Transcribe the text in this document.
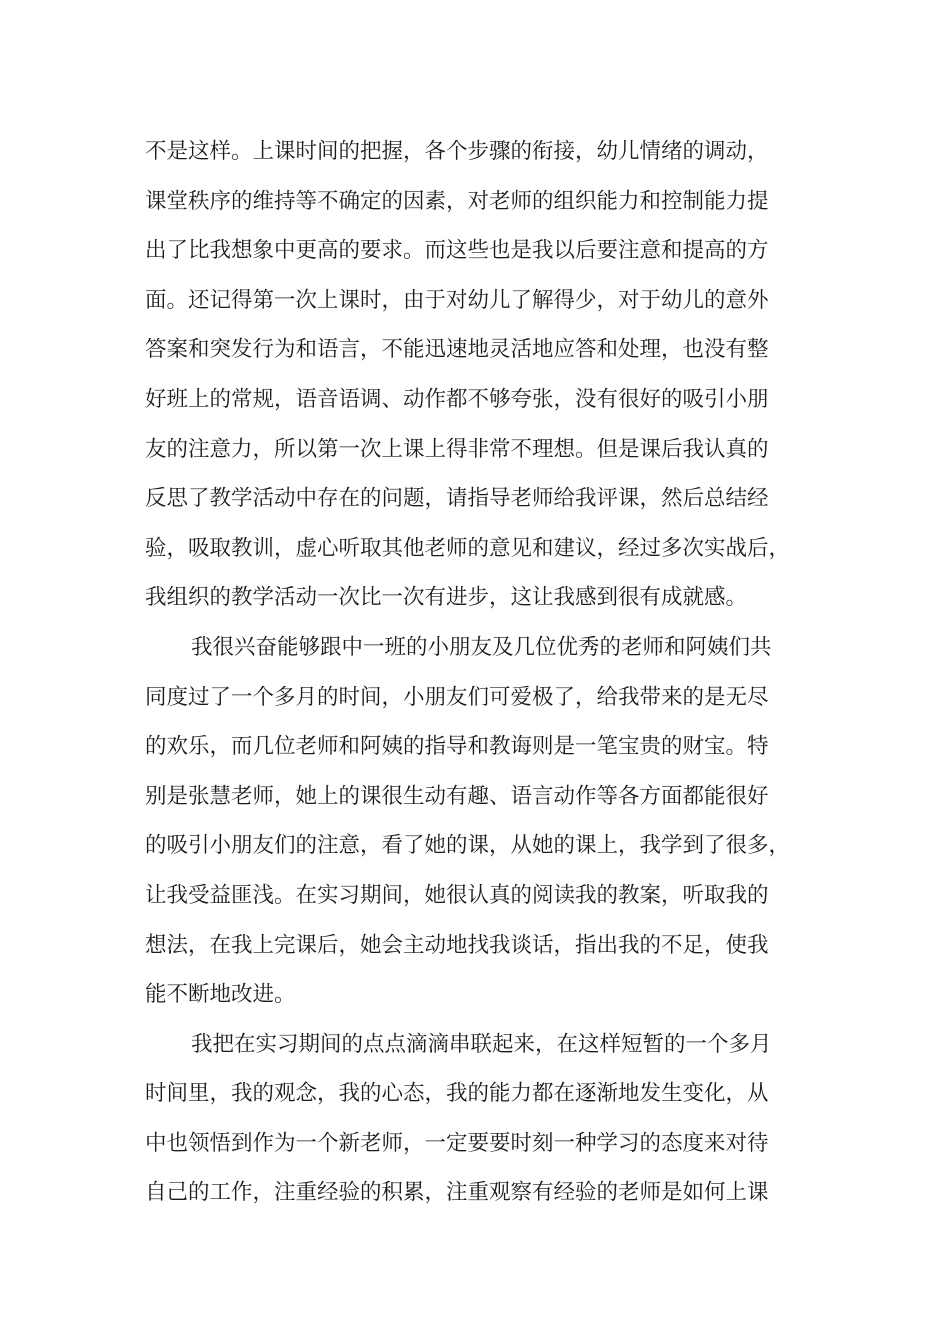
不是这样。上课时间的把握，各个步骤的衔接，幼儿情绪的调动，
课堂秩序的维持等不确定的因素，对老师的组织能力和控制能力提
出了比我想象中更高的要求。而这些也是我以后要注意和提高的方
面。还记得第一次上课时，由于对幼儿了解得少，对于幼儿的意外
答案和突发行为和语言，不能迅速地灵活地应答和处理，也没有整
好班上的常规，语音语调、动作都不够夸张，没有很好的吸引小朋
友的注意力，所以第一次上课上得非常不理想。但是课后我认真的
反思了教学活动中存在的问题，请指导老师给我评课，然后总结经
验，吸取教训，虚心听取其他老师的意见和建议，经过多次实战后，
我组织的教学活动一次比一次有进步，这让我感到很有成就感。
我很兴奋能够跟中一班的小朋友及几位优秀的老师和阿姨们共
同度过了一个多月的时间，小朋友们可爱极了，给我带来的是无尽
的欢乐，而几位老师和阿姨的指导和教诲则是一笔宝贵的财宝。特
别是张慧老师，她上的课很生动有趣、语言动作等各方面都能很好
的吸引小朋友们的注意，看了她的课，从她的课上，我学到了很多，
让我受益匪浅。在实习期间，她很认真的阅读我的教案，听取我的
想法，在我上完课后，她会主动地找我谈话，指出我的不足，使我
能不断地改进。
我把在实习期间的点点滴滴串联起来，在这样短暂的一个多月
时间里，我的观念，我的心态，我的能力都在逐渐地发生变化，从
中也领悟到作为一个新老师，一定要要时刻一种学习的态度来对待
自己的工作，注重经验的积累，注重观察有经验的老师是如何上课
